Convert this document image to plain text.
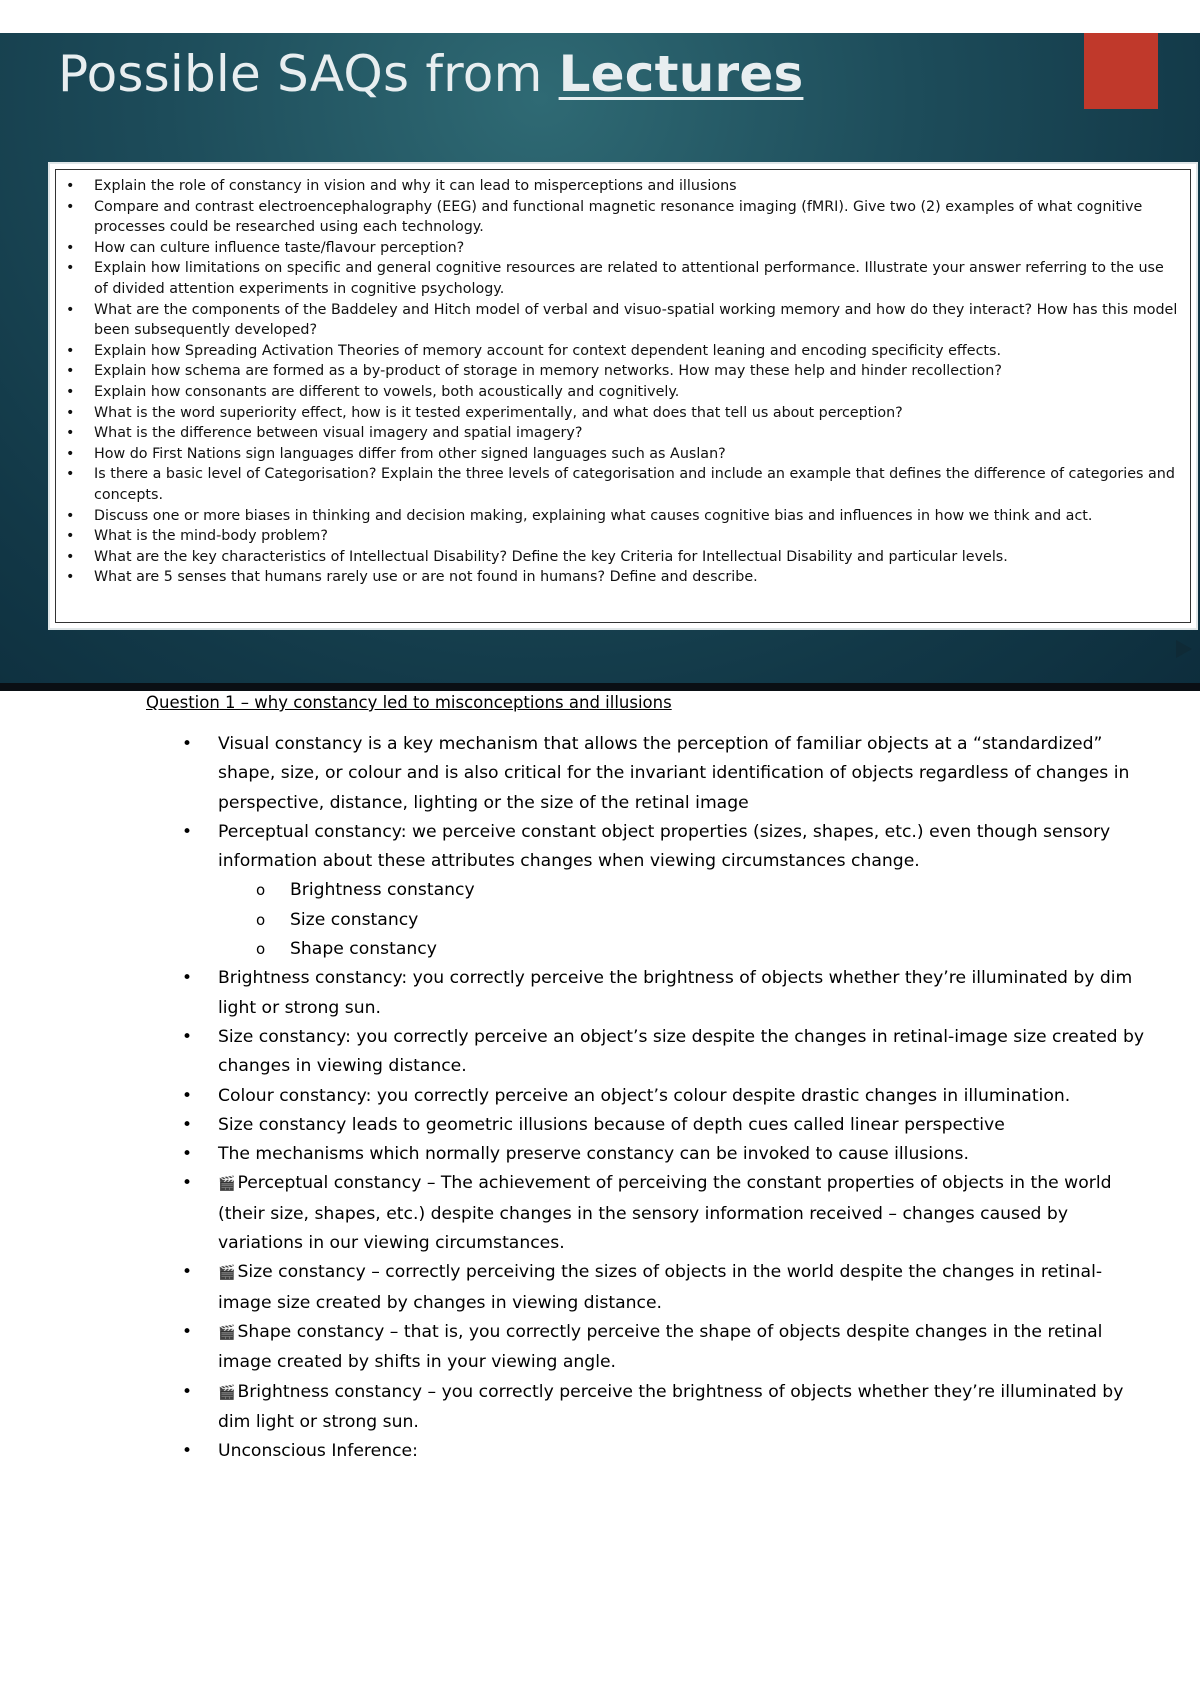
Possible SAQs from Lectures
• Explain the role of constancy in vision and why it can lead to misperceptions and illusions
• Compare and contrast electroencephalography (EEG) and functional magnetic resonance imaging (fMRI). Give two (2) examples of what cognitive processes could be researched using each technology.
• How can culture influence taste/flavour perception?
• Explain how limitations on specific and general cognitive resources are related to attentional performance. Illustrate your answer referring to the use of divided attention experiments in cognitive psychology.
• What are the components of the Baddeley and Hitch model of verbal and visuo-spatial working memory and how do they interact? How has this model been subsequently developed?
• Explain how Spreading Activation Theories of memory account for context dependent leaning and encoding specificity effects.
• Explain how schema are formed as a by-product of storage in memory networks. How may these help and hinder recollection?
• Explain how consonants are different to vowels, both acoustically and cognitively.
• What is the word superiority effect, how is it tested experimentally, and what does that tell us about perception?
• What is the difference between visual imagery and spatial imagery?
• How do First Nations sign languages differ from other signed languages such as Auslan?
• Is there a basic level of Categorisation? Explain the three levels of categorisation and include an example that defines the difference of categories and concepts.
• Discuss one or more biases in thinking and decision making, explaining what causes cognitive bias and influences in how we think and act.
• What is the mind-body problem?
• What are the key characteristics of Intellectual Disability? Define the key Criteria for Intellectual Disability and particular levels.
• What are 5 senses that humans rarely use or are not found in humans? Define and describe.
Question 1 – why constancy led to misconceptions and illusions
• Visual constancy is a key mechanism that allows the perception of familiar objects at a “standardized” shape, size, or colour and is also critical for the invariant identification of objects regardless of changes in perspective, distance, lighting or the size of the retinal image
• Perceptual constancy: we perceive constant object properties (sizes, shapes, etc.) even though sensory information about these attributes changes when viewing circumstances change.
o Brightness constancy
o Size constancy
o Shape constancy
• Brightness constancy: you correctly perceive the brightness of objects whether they’re illuminated by dim light or strong sun.
• Size constancy: you correctly perceive an object’s size despite the changes in retinal-image size created by changes in viewing distance.
• Colour constancy: you correctly perceive an object’s colour despite drastic changes in illumination.
• Size constancy leads to geometric illusions because of depth cues called linear perspective
• The mechanisms which normally preserve constancy can be invoked to cause illusions.
• 🎬 Perceptual constancy – The achievement of perceiving the constant properties of objects in the world (their size, shapes, etc.) despite changes in the sensory information received – changes caused by variations in our viewing circumstances.
• 🎬 Size constancy – correctly perceiving the sizes of objects in the world despite the changes in retinal- image size created by changes in viewing distance.
• 🎬 Shape constancy – that is, you correctly perceive the shape of objects despite changes in the retinal image created by shifts in your viewing angle.
• 🎬 Brightness constancy – you correctly perceive the brightness of objects whether they’re illuminated by dim light or strong sun.
• Unconscious Inference:
